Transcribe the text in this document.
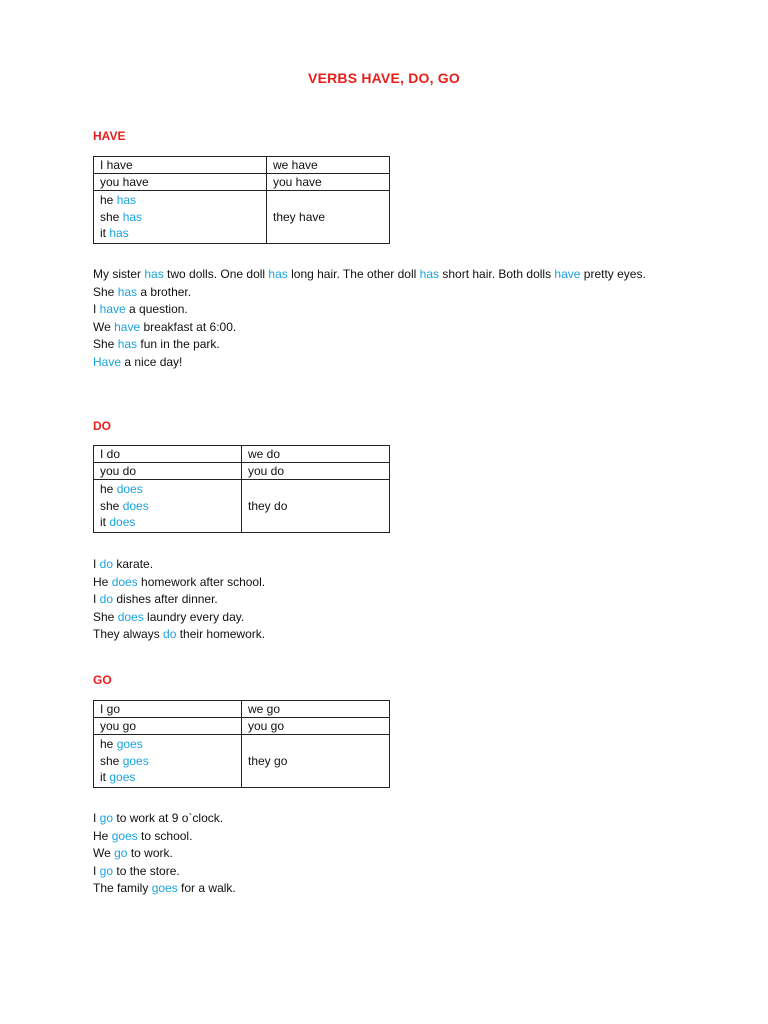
VERBS HAVE, DO, GO
HAVE
I have	we have
you have	you have

he has
she has
it has	they have

My sister has two dolls. One doll has long hair. The other doll has short hair. Both dolls have pretty eyes.

She has a brother.

I have a question.

We have breakfast at 6:00.

She has fun in the park.

Have a nice day!

DO
I do	we do
you do	you do

he does
she does
it does	they do

I do karate.

He does homework after school.

I do dishes after dinner.

She does laundry every day.

They always do their homework.

GO
I go	we go
you go	you go

he goes
she goes
it goes	they go

I go to work at 9 o`clock.

He goes to school.

We go to work.

I go to the store.

The family goes for a walk.
